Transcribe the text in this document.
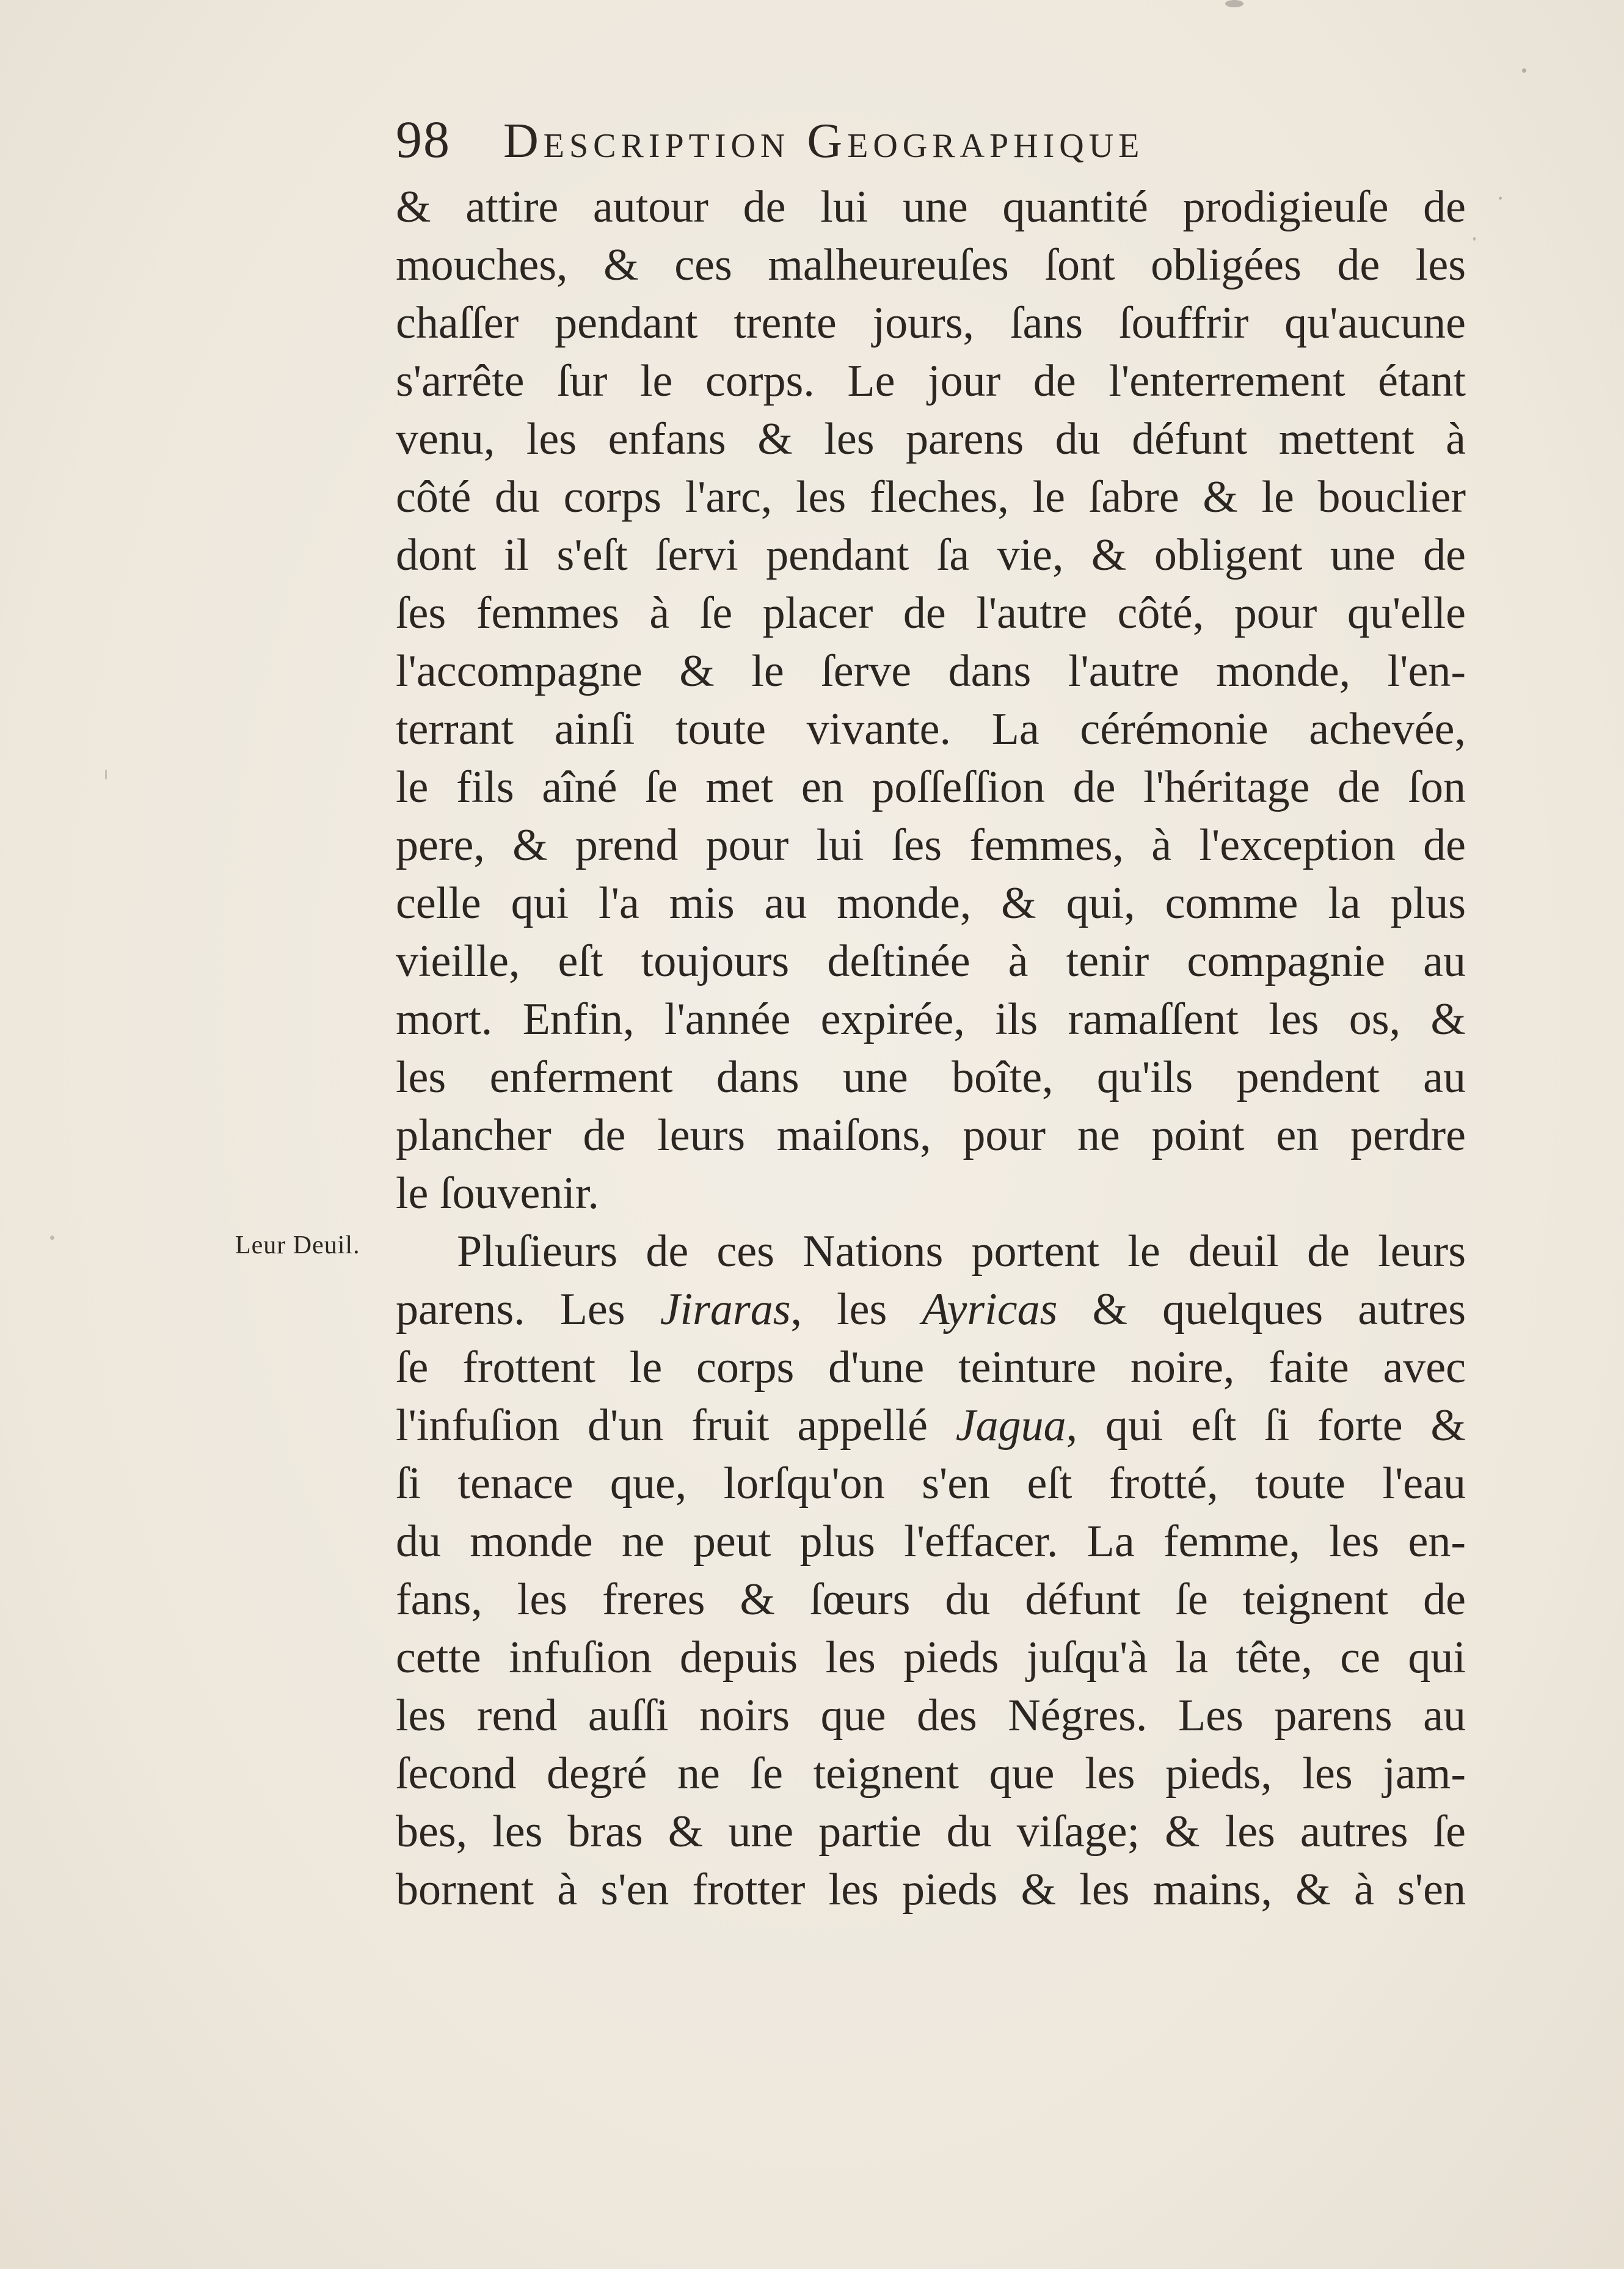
98 Description Geographique
Leur Deuil.
& attire autour de lui une quantité prodigieuſe de
mouches, & ces malheureuſes ſont obligées de les
chaſſer pendant trente jours, ſans ſouffrir qu'aucune
s'arrête ſur le corps. Le jour de l'enterrement étant
venu, les enfans & les parens du défunt mettent à
côté du corps l'arc, les fleches, le ſabre & le bouclier
dont il s'eſt ſervi pendant ſa vie, & obligent une de
ſes femmes à ſe placer de l'autre côté, pour qu'elle
l'accompagne & le ſerve dans l'autre monde, l'en-
terrant ainſi toute vivante. La cérémonie achevée,
le fils aîné ſe met en poſſeſſion de l'héritage de ſon
pere, & prend pour lui ſes femmes, à l'exception de
celle qui l'a mis au monde, & qui, comme la plus
vieille, eſt toujours deſtinée à tenir compagnie au
mort. Enfin, l'année expirée, ils ramaſſent les os, &
les enferment dans une boîte, qu'ils pendent au
plancher de leurs maiſons, pour ne point en perdre
le ſouvenir.
Pluſieurs de ces Nations portent le deuil de leurs
parens. Les Jiraras, les Ayricas & quelques autres
ſe frottent le corps d'une teinture noire, faite avec
l'infuſion d'un fruit appellé Jagua, qui eſt ſi forte &
ſi tenace que, lorſqu'on s'en eſt frotté, toute l'eau
du monde ne peut plus l'effacer. La femme, les en-
fans, les freres & ſœurs du défunt ſe teignent de
cette infuſion depuis les pieds juſqu'à la tête, ce qui
les rend auſſi noirs que des Négres. Les parens au
ſecond degré ne ſe teignent que les pieds, les jam-
bes, les bras & une partie du viſage; & les autres ſe
bornent à s'en frotter les pieds & les mains, & à s'en
